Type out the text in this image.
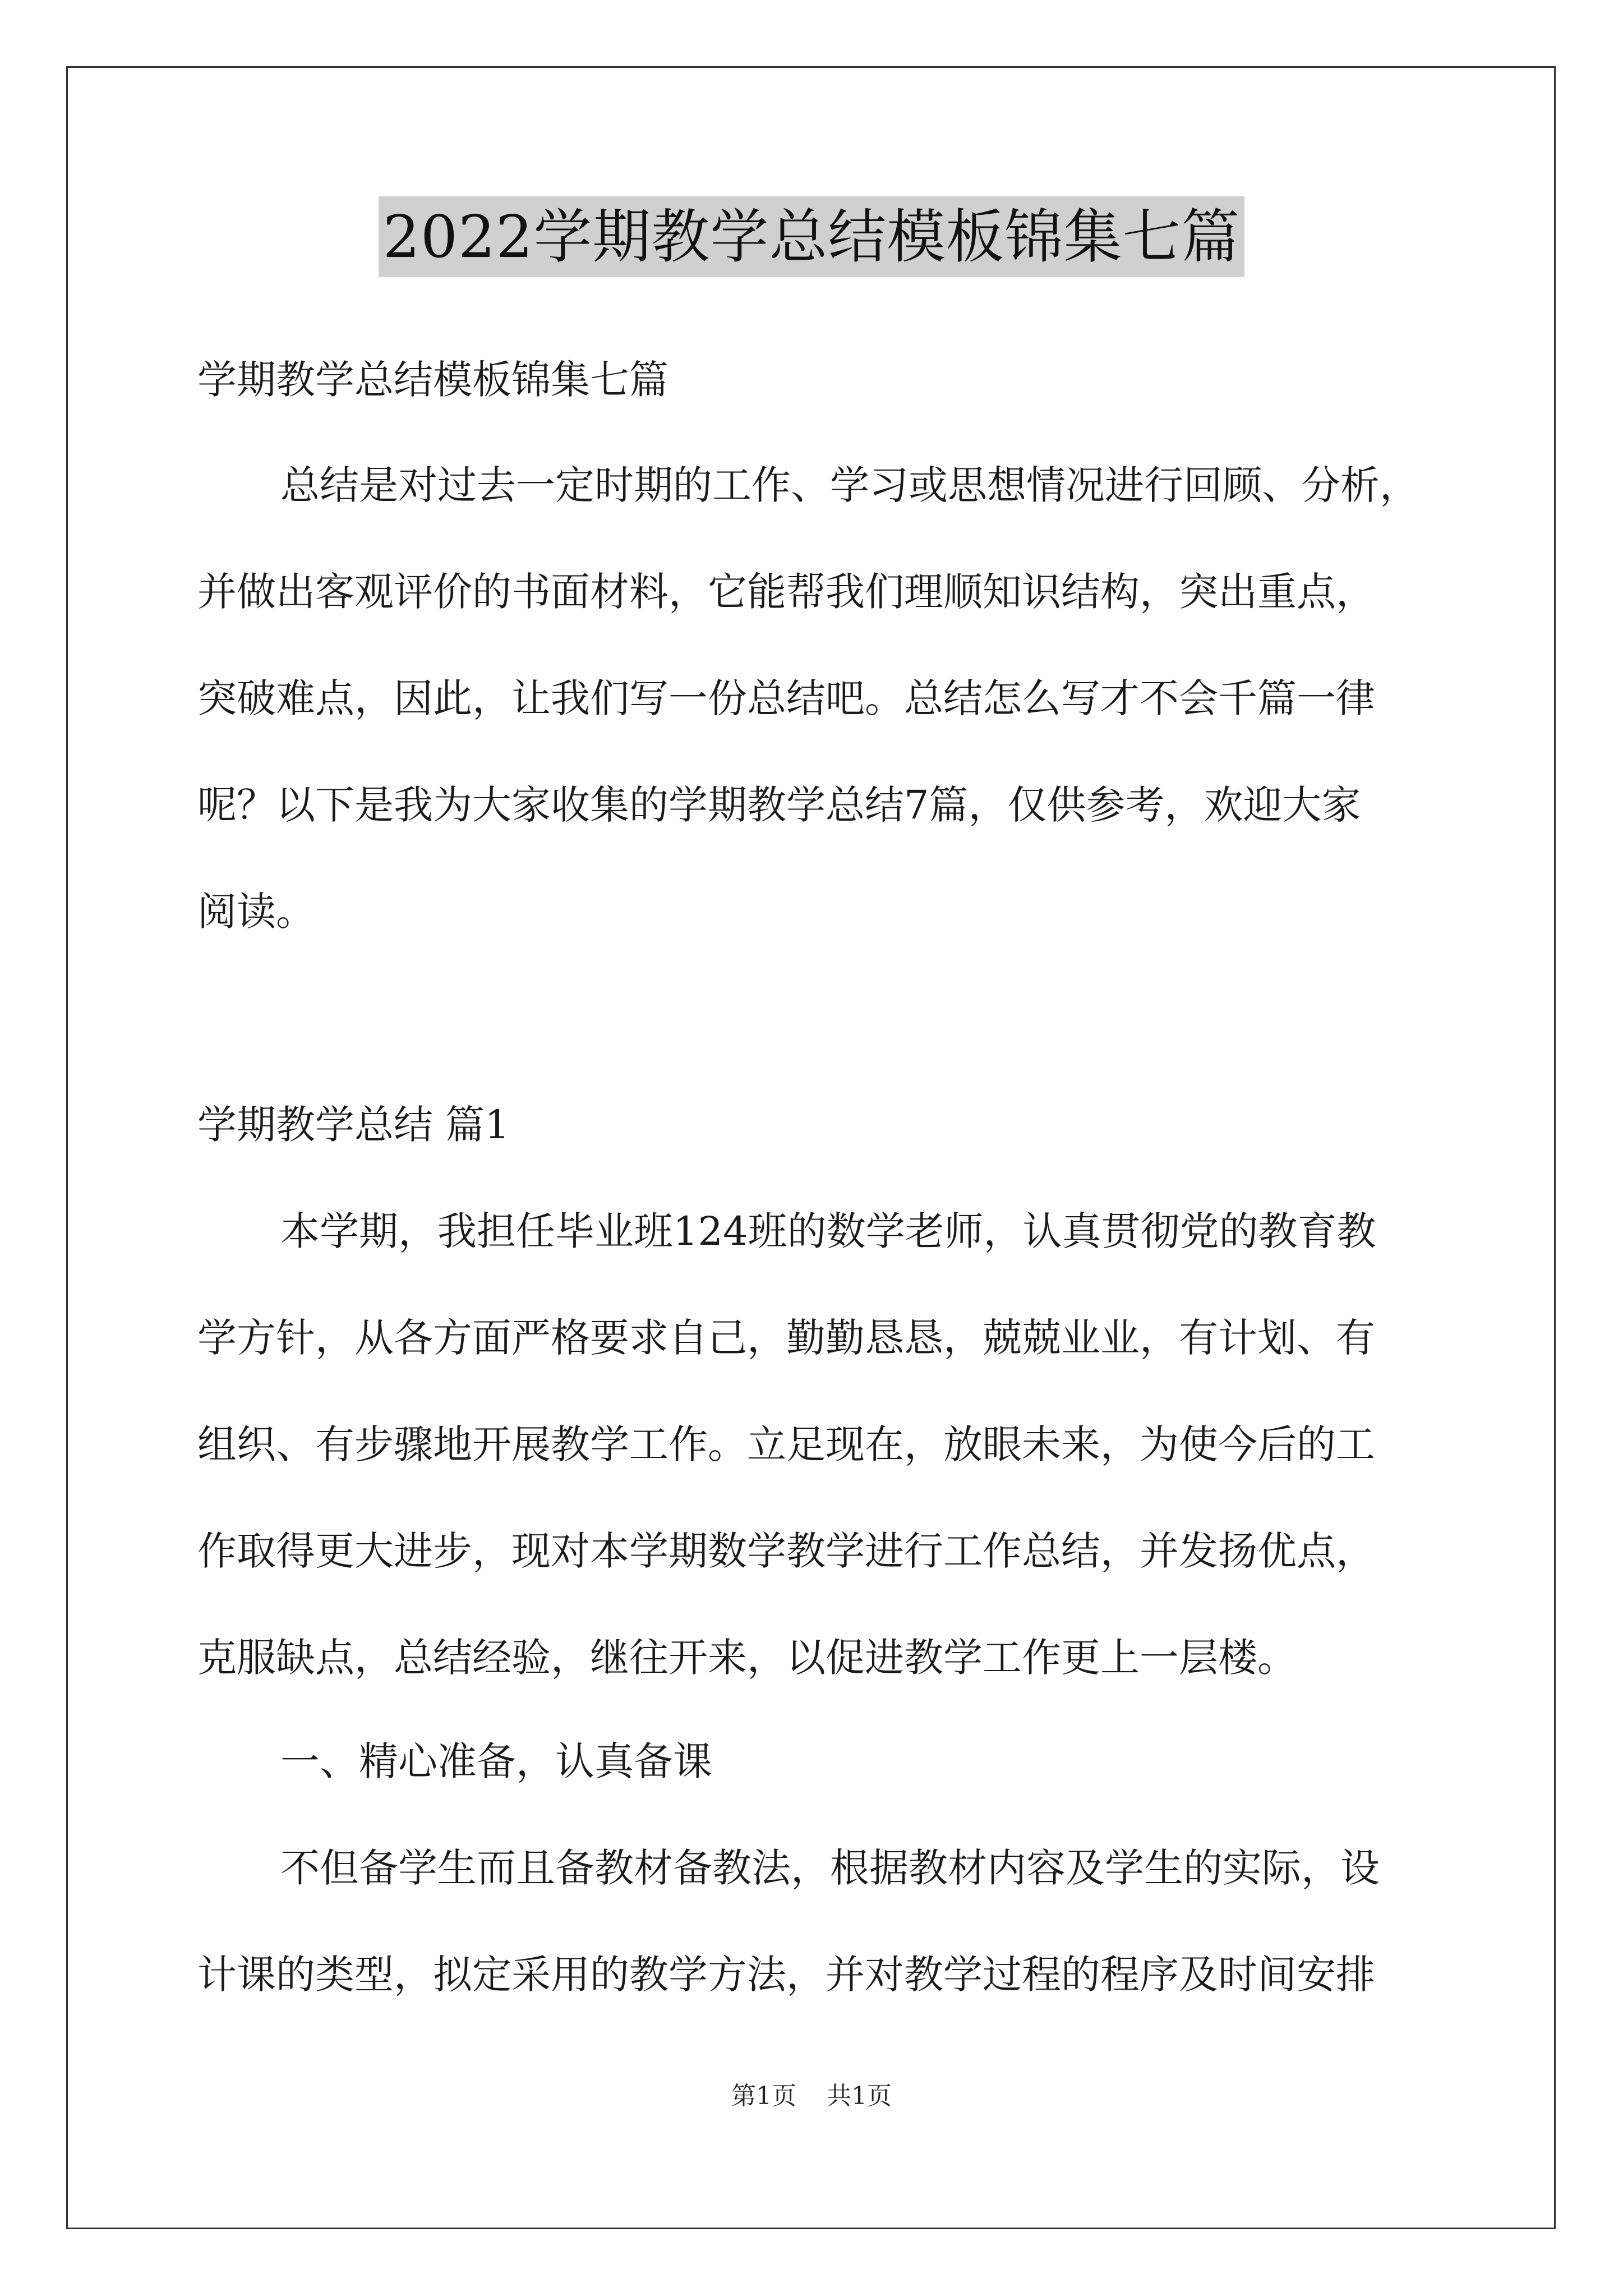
2022学期教学总结模板锦集七篇
学期教学总结模板锦集七篇
总结是对过去一定时期的工作、学习或思想情况进行回顾、分析，
并做出客观评价的书面材料，它能帮我们理顺知识结构，突出重点，
突破难点，因此，让我们写一份总结吧。总结怎么写才不会千篇一律
呢？以下是我为大家收集的学期教学总结7篇，仅供参考，欢迎大家
阅读。
学期教学总结 篇1
本学期，我担任毕业班124班的数学老师，认真贯彻党的教育教
学方针，从各方面严格要求自己，勤勤恳恳，兢兢业业，有计划、有
组织、有步骤地开展教学工作。立足现在，放眼未来，为使今后的工
作取得更大进步，现对本学期数学教学进行工作总结，并发扬优点，
克服缺点，总结经验，继往开来，以促进教学工作更上一层楼。
一、精心准备，认真备课
不但备学生而且备教材备教法，根据教材内容及学生的实际，设
计课的类型，拟定采用的教学方法，并对教学过程的程序及时间安排
第1页 共1页
